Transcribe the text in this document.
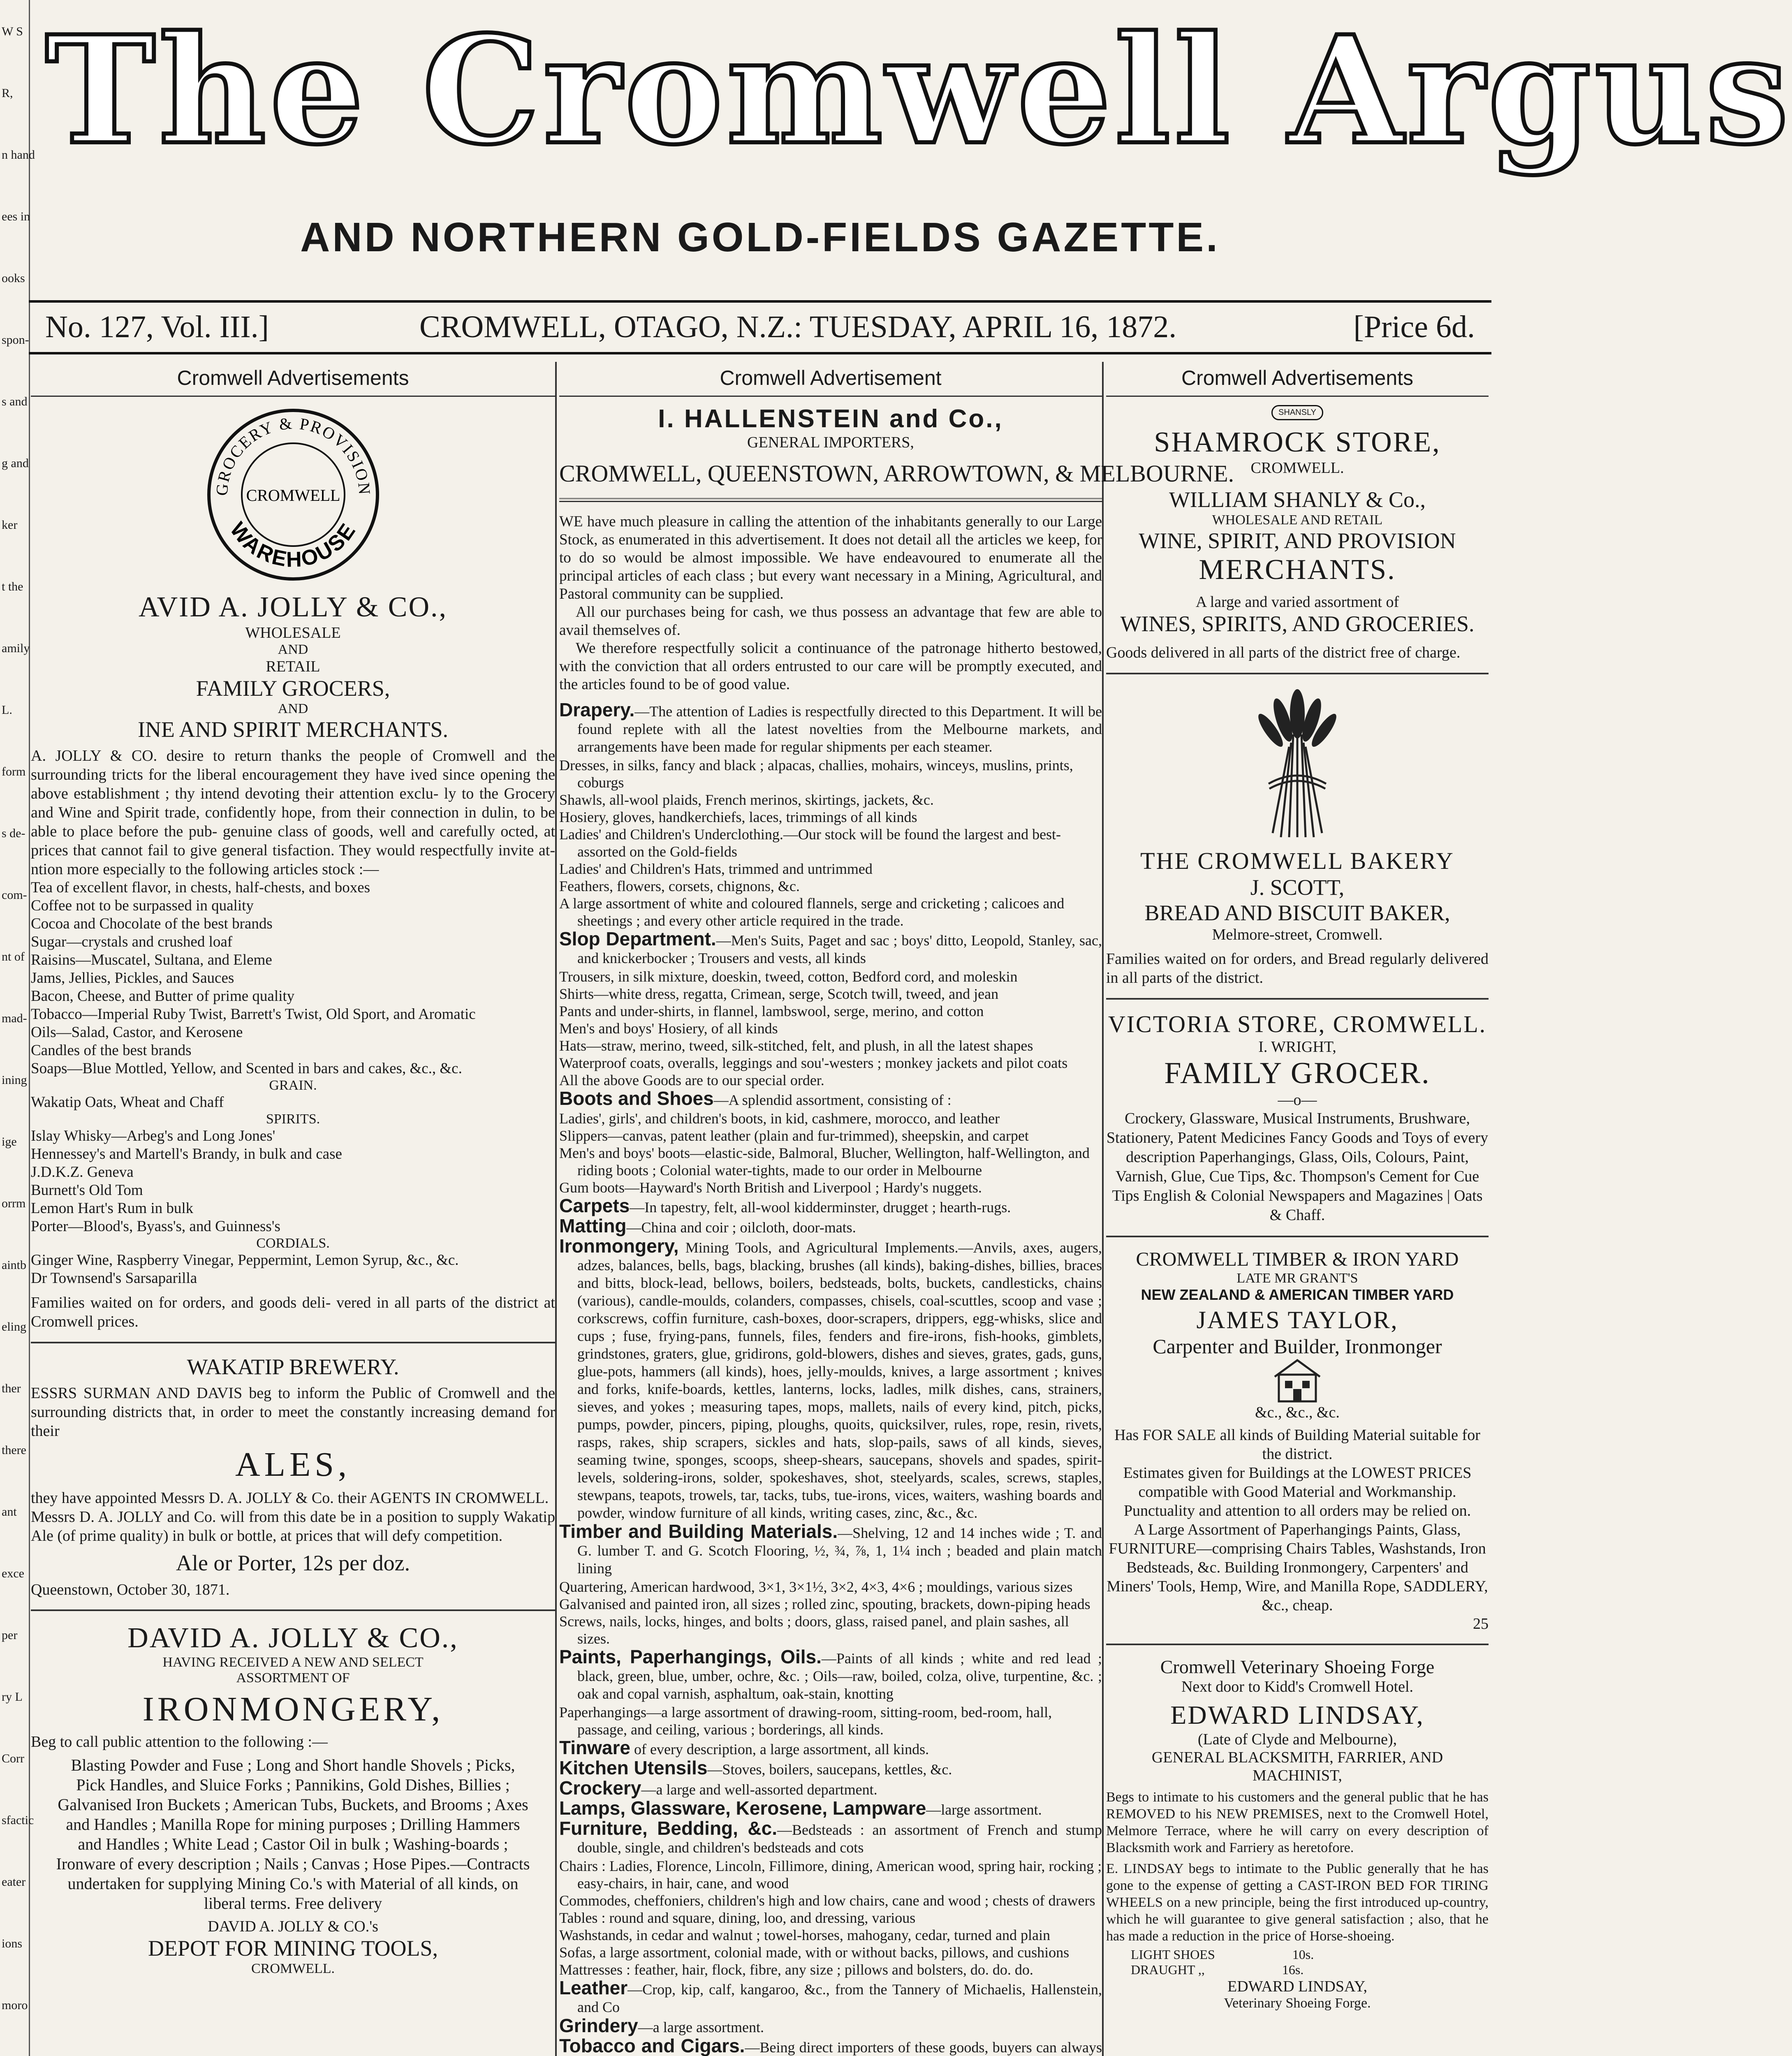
W S
R,
n hand
ees in
ooks
spon-
s and
g and
ker
t the
amily
L.
form
s de-
com-
nt of
mad-
ining
ige
orrm
aintb
eling
ther
there
ant
exce
per
ry L
Corr
sfactic
eater
ions
moro
The Cromwell Argus
AND NORTHERN GOLD-FIELDS GAZETTE.
No. 127, Vol. III.]	CROMWELL, OTAGO, N.Z.: TUESDAY, APRIL 16, 1872.	[Price 6d.
Cromwell Advertisements
GROCERY & PROVISION
WAREHOUSE
CROMWELL
AVID A. JOLLY & CO.,
WHOLESALE
AND
RETAIL
FAMILY GROCERS,
AND
INE AND SPIRIT MERCHANTS.

A. JOLLY & CO. desire to return thanks the people of Cromwell and the surrounding tricts for the liberal encouragement they have ived since opening the above establishment ; thy intend devoting their attention exclu- ly to the Grocery and Wine and Spirit trade, confidently hope, from their connection in dulin, to be able to place before the pub- genuine class of goods, well and carefully octed, at prices that cannot fail to give general tisfaction. They would respectfully invite at- ntion more especially to the following articles stock :—

Tea of excellent flavor, in chests, half-chests, and boxes
Coffee not to be surpassed in quality
Cocoa and Chocolate of the best brands
Sugar—crystals and crushed loaf
Raisins—Muscatel, Sultana, and Eleme
Jams, Jellies, Pickles, and Sauces
Bacon, Cheese, and Butter of prime quality
Tobacco—Imperial Ruby Twist, Barrett's Twist, Old Sport, and Aromatic
Oils—Salad, Castor, and Kerosene
Candles of the best brands
Soaps—Blue Mottled, Yellow, and Scented in bars and cakes, &c., &c.
GRAIN.
Wakatip Oats, Wheat and Chaff
SPIRITS.
Islay Whisky—Arbeg's and Long Jones'
Hennessey's and Martell's Brandy, in bulk and case
J.D.K.Z. Geneva
Burnett's Old Tom
Lemon Hart's Rum in bulk
Porter—Blood's, Byass's, and Guinness's
CORDIALS.
Ginger Wine, Raspberry Vinegar, Peppermint, Lemon Syrup, &c., &c.
Dr Townsend's Sarsaparilla

Families waited on for orders, and goods deli- vered in all parts of the district at Cromwell prices.

WAKATIP BREWERY.

ESSRS SURMAN AND DAVIS beg to inform the Public of Cromwell and the surrounding districts that, in order to meet the constantly increasing demand for their

ALES,

they have appointed Messrs D. A. JOLLY & Co. their AGENTS IN CROMWELL.

Messrs D. A. JOLLY and Co. will from this date be in a position to supply Wakatip Ale (of prime quality) in bulk or bottle, at prices that will defy competition.

Ale or Porter, 12s per doz.
Queenstown, October 30, 1871.
DAVID A. JOLLY & CO.,
HAVING RECEIVED A NEW AND SELECT
ASSORTMENT OF
IRONMONGERY,

Beg to call public attention to the following :—

Blasting Powder and Fuse ; Long and Short handle Shovels ; Picks, Pick Handles, and Sluice Forks ; Pannikins, Gold Dishes, Billies ; Galvanised Iron Buckets ; American Tubs, Buckets, and Brooms ; Axes and Handles ; Manilla Rope for mining purposes ; Drilling Hammers and Handles ; White Lead ; Castor Oil in bulk ; Washing-boards ; Ironware of every description ; Nails ; Canvas ; Hose Pipes.—Contracts undertaken for supplying Mining Co.'s with Material of all kinds, on liberal terms. Free delivery

DAVID A. JOLLY & CO.'s
DEPOT FOR MINING TOOLS,
CROMWELL.
Cromwell Advertisement
I. HALLENSTEIN and Co.,
GENERAL IMPORTERS,
CROMWELL, QUEENSTOWN, ARROWTOWN, & MELBOURNE.

WE have much pleasure in calling the attention of the inhabitants generally to our Large Stock, as enumerated in this advertisement. It does not detail all the articles we keep, for to do so would be almost impossible. We have endeavoured to enumerate all the principal articles of each class ; but every want necessary in a Mining, Agricultural, and Pastoral community can be supplied.

All our purchases being for cash, we thus possess an advantage that few are able to avail themselves of.

We therefore respectfully solicit a continuance of the patronage hitherto bestowed, with the conviction that all orders entrusted to our care will be promptly executed, and the articles found to be of good value.

Drapery.—The attention of Ladies is respectfully directed to this Department. It will be found replete with all the latest novelties from the Melbourne markets, and arrangements have been made for regular shipments per each steamer.

Dresses, in silks, fancy and black ; alpacas, challies, mohairs, winceys, muslins, prints, coburgs

Shawls, all-wool plaids, French merinos, skirtings, jackets, &c.

Hosiery, gloves, handkerchiefs, laces, trimmings of all kinds

Ladies' and Children's Underclothing.—Our stock will be found the largest and best-assorted on the Gold-fields

Ladies' and Children's Hats, trimmed and untrimmed

Feathers, flowers, corsets, chignons, &c.

A large assortment of white and coloured flannels, serge and cricketing ; calicoes and sheetings ; and every other article required in the trade.

Slop Department.—Men's Suits, Paget and sac ; boys' ditto, Leopold, Stanley, sac, and knickerbocker ; Trousers and vests, all kinds

Trousers, in silk mixture, doeskin, tweed, cotton, Bedford cord, and moleskin

Shirts—white dress, regatta, Crimean, serge, Scotch twill, tweed, and jean

Pants and under-shirts, in flannel, lambswool, serge, merino, and cotton

Men's and boys' Hosiery, of all kinds

Hats—straw, merino, tweed, silk-stitched, felt, and plush, in all the latest shapes

Waterproof coats, overalls, leggings and sou'-westers ; monkey jackets and pilot coats

All the above Goods are to our special order.

Boots and Shoes—A splendid assortment, consisting of :

Ladies', girls', and children's boots, in kid, cashmere, morocco, and leather

Slippers—canvas, patent leather (plain and fur-trimmed), sheepskin, and carpet

Men's and boys' boots—elastic-side, Balmoral, Blucher, Wellington, half-Wellington, and riding boots ; Colonial water-tights, made to our order in Melbourne

Gum boots—Hayward's North British and Liverpool ; Hardy's nuggets.

Carpets—In tapestry, felt, all-wool kidderminster, drugget ; hearth-rugs.

Matting—China and coir ; oilcloth, door-mats.

Ironmongery, Mining Tools, and Agricultural Implements.—Anvils, axes, augers, adzes, balances, bells, bags, blacking, brushes (all kinds), baking-dishes, billies, braces and bitts, block-lead, bellows, boilers, bedsteads, bolts, buckets, candlesticks, chains (various), candle-moulds, colanders, compasses, chisels, coal-scuttles, scoop and vase ; corkscrews, coffin furniture, cash-boxes, door-scrapers, drippers, egg-whisks, slice and cups ; fuse, frying-pans, funnels, files, fenders and fire-irons, fish-hooks, gimblets, grindstones, graters, glue, gridirons, gold-blowers, dishes and sieves, grates, gads, guns, glue-pots, hammers (all kinds), hoes, jelly-moulds, knives, a large assortment ; knives and forks, knife-boards, kettles, lanterns, locks, ladles, milk dishes, cans, strainers, sieves, and yokes ; measuring tapes, mops, mallets, nails of every kind, pitch, picks, pumps, powder, pincers, piping, ploughs, quoits, quicksilver, rules, rope, resin, rivets, rasps, rakes, ship scrapers, sickles and hats, slop-pails, saws of all kinds, sieves, seaming twine, sponges, scoops, sheep-shears, saucepans, shovels and spades, spirit-levels, soldering-irons, solder, spokeshaves, shot, steelyards, scales, screws, staples, stewpans, teapots, trowels, tar, tacks, tubs, tue-irons, vices, waiters, washing boards and powder, window furniture of all kinds, writing cases, zinc, &c., &c.

Timber and Building Materials.—Shelving, 12 and 14 inches wide ; T. and G. lumber T. and G. Scotch Flooring, ½, ¾, ⅞, 1, 1¼ inch ; beaded and plain match lining

Quartering, American hardwood, 3×1, 3×1½, 3×2, 4×3, 4×6 ; mouldings, various sizes

Galvanised and painted iron, all sizes ; rolled zinc, spouting, brackets, down-piping heads

Screws, nails, locks, hinges, and bolts ; doors, glass, raised panel, and plain sashes, all sizes.

Paints, Paperhangings, Oils.—Paints of all kinds ; white and red lead ; black, green, blue, umber, ochre, &c. ; Oils—raw, boiled, colza, olive, turpentine, &c. ; oak and copal varnish, asphaltum, oak-stain, knotting

Paperhangings—a large assortment of drawing-room, sitting-room, bed-room, hall, passage, and ceiling, various ; borderings, all kinds.

Tinware of every description, a large assortment, all kinds.

Kitchen Utensils—Stoves, boilers, saucepans, kettles, &c.

Crockery—a large and well-assorted department.

Lamps, Glassware, Kerosene, Lampware—large assortment.

Furniture, Bedding, &c.—Bedsteads : an assortment of French and stump double, single, and children's bedsteads and cots

Chairs : Ladies, Florence, Lincoln, Fillimore, dining, American wood, spring hair, rocking ; easy-chairs, in hair, cane, and wood

Commodes, cheffoniers, children's high and low chairs, cane and wood ; chests of drawers

Tables : round and square, dining, loo, and dressing, various

Washstands, in cedar and walnut ; towel-horses, mahogany, cedar, turned and plain

Sofas, a large assortment, colonial made, with or without backs, pillows, and cushions

Mattresses : feather, hair, flock, fibre, any size ; pillows and bolsters, do. do. do.

Leather—Crop, kip, calf, kangaroo, &c., from the Tannery of Michaelis, Hallenstein, and Co

Grindery—a large assortment.

Tobacco and Cigars.—Being direct importers of these goods, buyers can always

Cromwell Advertisements
SHANSLY
SHAMROCK STORE,
CROMWELL.
WILLIAM SHANLY & Co.,
WHOLESALE AND RETAIL
WINE, SPIRIT, AND PROVISION
MERCHANTS.
A large and varied assortment of
WINES, SPIRITS, AND GROCERIES.

Goods delivered in all parts of the district free of charge.

THE CROMWELL BAKERY
J. SCOTT,
BREAD AND BISCUIT BAKER,
Melmore-street, Cromwell.

Families waited on for orders, and Bread regularly delivered in all parts of the district.

VICTORIA STORE, CROMWELL.
I. WRIGHT,
FAMILY GROCER.
—o—

Crockery, Glassware, Musical Instruments, Brushware, Stationery, Patent Medicines Fancy Goods and Toys of every description Paperhangings, Glass, Oils, Colours, Paint, Varnish, Glue, Cue Tips, &c. Thompson's Cement for Cue Tips English & Colonial Newspapers and Magazines | Oats & Chaff.

CROMWELL TIMBER & IRON YARD
LATE MR GRANT'S
NEW ZEALAND & AMERICAN TIMBER YARD
JAMES TAYLOR,
Carpenter and Builder, Ironmonger
&c., &c., &c.

Has FOR SALE all kinds of Building Material suitable for the district.

Estimates given for Buildings at the LOWEST PRICES compatible with Good Material and Workmanship.

Punctuality and attention to all orders may be relied on.

A Large Assortment of Paperhangings Paints, Glass, FURNITURE—comprising Chairs Tables, Washstands, Iron Bedsteads, &c. Building Ironmongery, Carpenters' and Miners' Tools, Hemp, Wire, and Manilla Rope, SADDLERY, &c., cheap.

25
Cromwell Veterinary Shoeing Forge
Next door to Kidd's Cromwell Hotel.
EDWARD LINDSAY,
(Late of Clyde and Melbourne),
GENERAL BLACKSMITH, FARRIER, AND MACHINIST,

Begs to intimate to his customers and the general public that he has REMOVED to his NEW PREMISES, next to the Cromwell Hotel, Melmore Terrace, where he will carry on every description of Blacksmith work and Farriery as heretofore.

E. LINDSAY begs to intimate to the Public generally that he has gone to the expense of getting a CAST-IRON BED FOR TIRING WHEELS on a new principle, being the first introduced up-country, which he will guarantee to give general satisfaction ; also, that he has made a reduction in the price of Horse-shoeing.

LIGHT SHOES	10s.
DRAUGHT ,,	16s.
EDWARD LINDSAY,
Veterinary Shoeing Forge.
